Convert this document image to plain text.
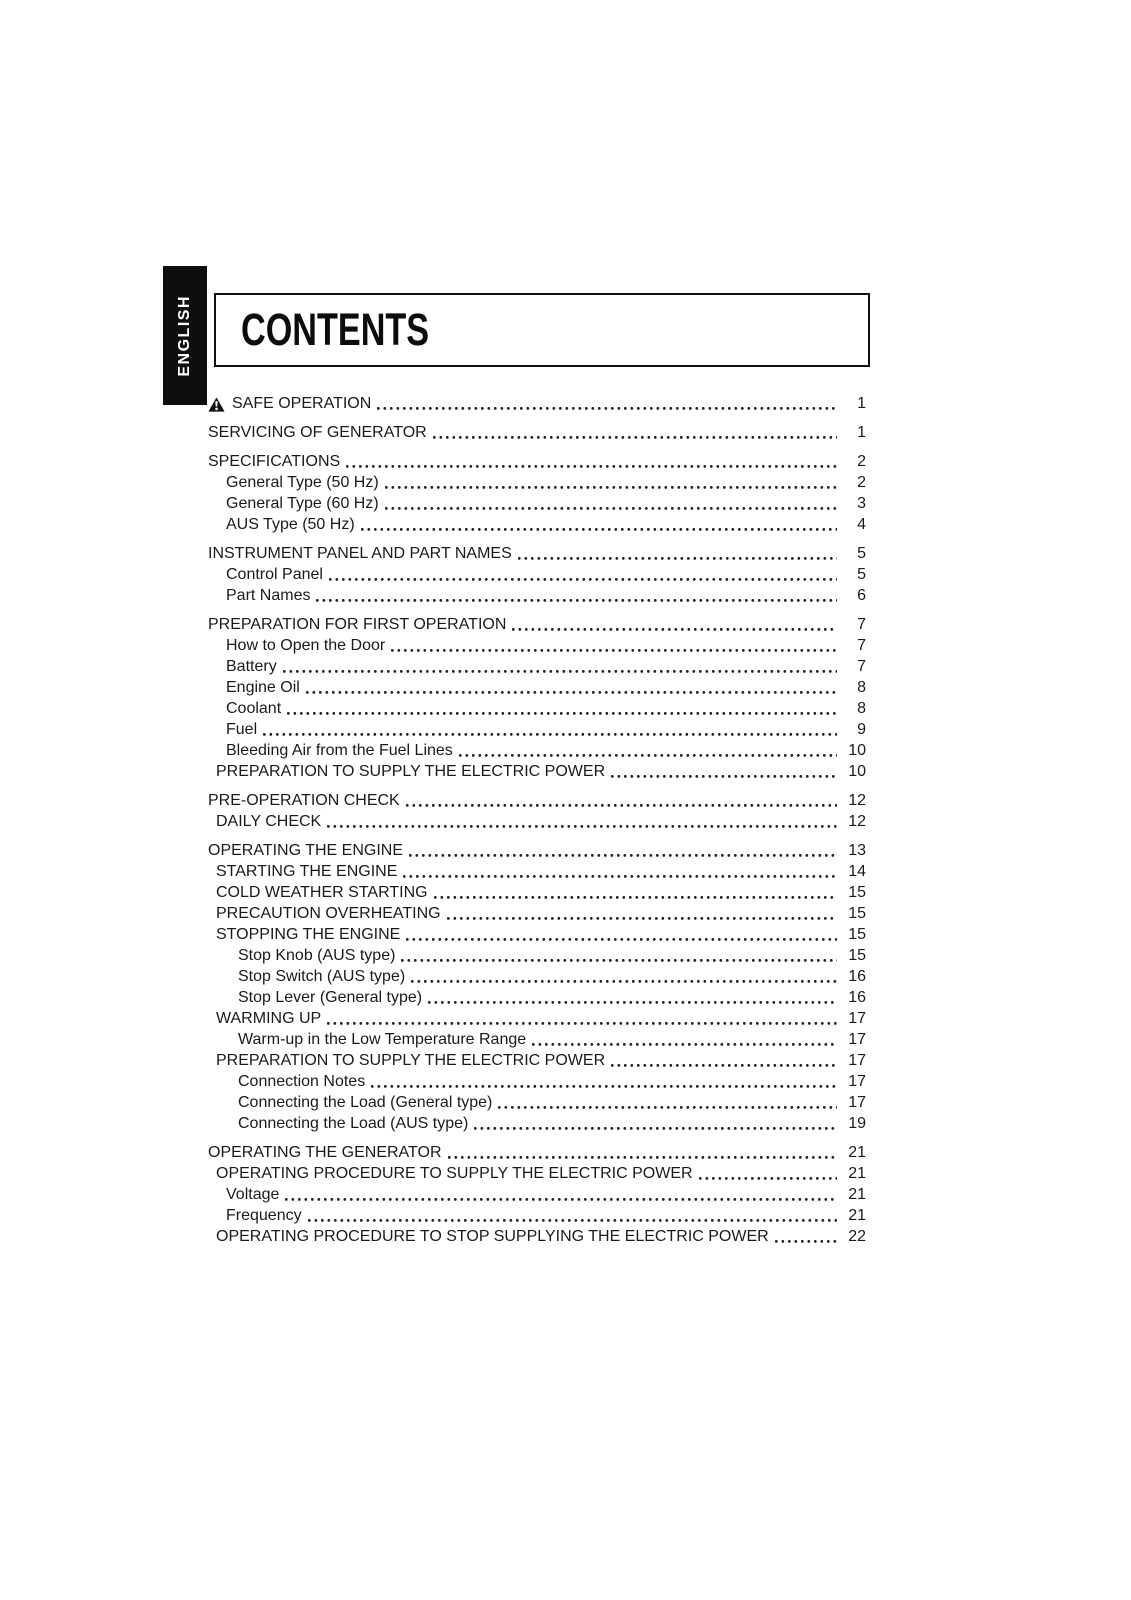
ENGLISH CONTENTS
SAFE OPERATION	1
SERVICING OF GENERATOR	1
SPECIFICATIONS	2
General Type (50 Hz)	2
General Type (60 Hz)	3
AUS Type (50 Hz)	4
INSTRUMENT PANEL AND PART NAMES	5
Control Panel	5
Part Names	6
PREPARATION FOR FIRST OPERATION	7
How to Open the Door	7
Battery	7
Engine Oil	8
Coolant	8
Fuel	9
Bleeding Air from the Fuel Lines	10
PREPARATION TO SUPPLY THE ELECTRIC POWER	10
PRE-OPERATION CHECK	12
DAILY CHECK	12
OPERATING THE ENGINE	13
STARTING THE ENGINE	14
COLD WEATHER STARTING	15
PRECAUTION OVERHEATING	15
STOPPING THE ENGINE	15
Stop Knob (AUS type)	15
Stop Switch (AUS type)	16
Stop Lever (General type)	16
WARMING UP	17
Warm-up in the Low Temperature Range	17
PREPARATION TO SUPPLY THE ELECTRIC POWER	17
Connection Notes	17
Connecting the Load (General type)	17
Connecting the Load (AUS type)	19
OPERATING THE GENERATOR	21
OPERATING PROCEDURE TO SUPPLY THE ELECTRIC POWER	21
Voltage	21
Frequency	21
OPERATING PROCEDURE TO STOP SUPPLYING THE ELECTRIC POWER	22
